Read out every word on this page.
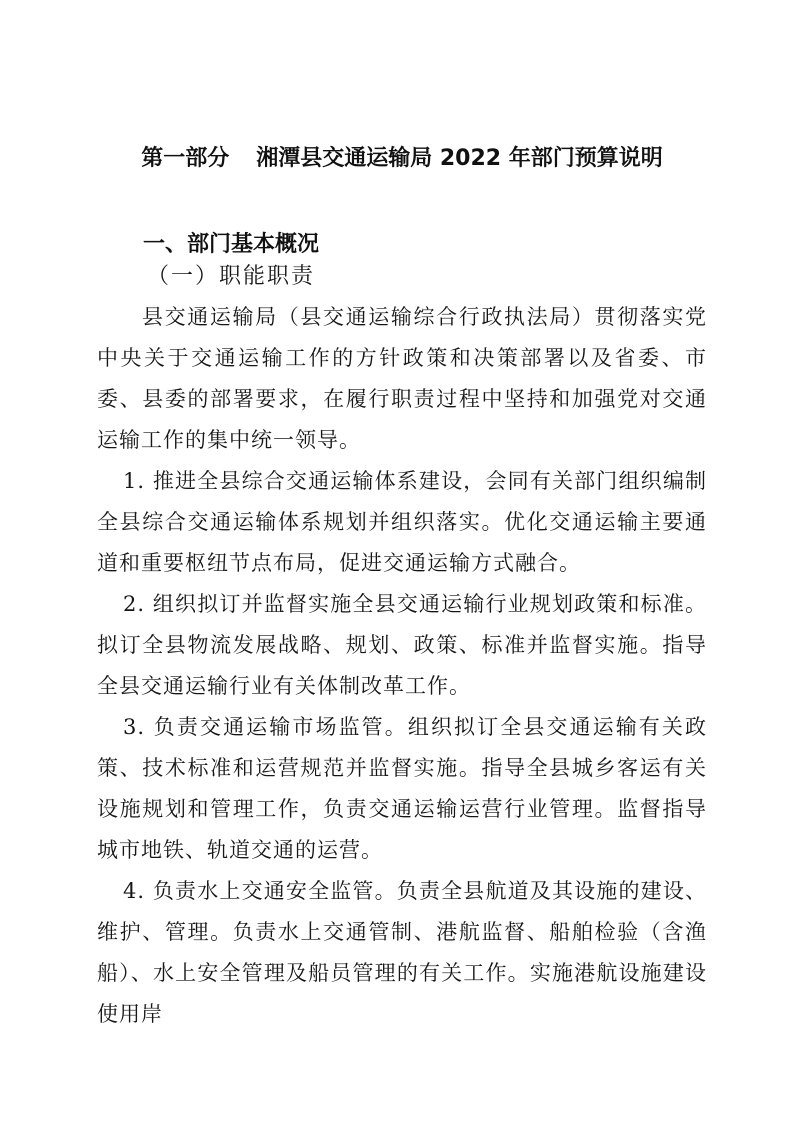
第一部分 湘潭县交通运输局 2022 年部门预算说明
一、部门基本概况
（一）职能职责

县交通运输局（县交通运输综合行政执法局）贯彻落实党中央关于交通运输工作的方针政策和决策部署以及省委、市委、县委的部署要求，在履行职责过程中坚持和加强党对交通运输工作的集中统一领导。

1. 推进全县综合交通运输体系建设，会同有关部门组织编制全县综合交通运输体系规划并组织落实。优化交通运输主要通道和重要枢纽节点布局，促进交通运输方式融合。

2. 组织拟订并监督实施全县交通运输行业规划政策和标准。拟订全县物流发展战略、规划、政策、标准并监督实施。指导全县交通运输行业有关体制改革工作。

3. 负责交通运输市场监管。组织拟订全县交通运输有关政策、技术标准和运营规范并监督实施。指导全县城乡客运有关设施规划和管理工作，负责交通运输运营行业管理。监督指导城市地铁、轨道交通的运营。

4. 负责水上交通安全监管。负责全县航道及其设施的建设、维护、管理。负责水上交通管制、港航监督、船舶检验（含渔船）、水上安全管理及船员管理的有关工作。实施港航设施建设使用岸
